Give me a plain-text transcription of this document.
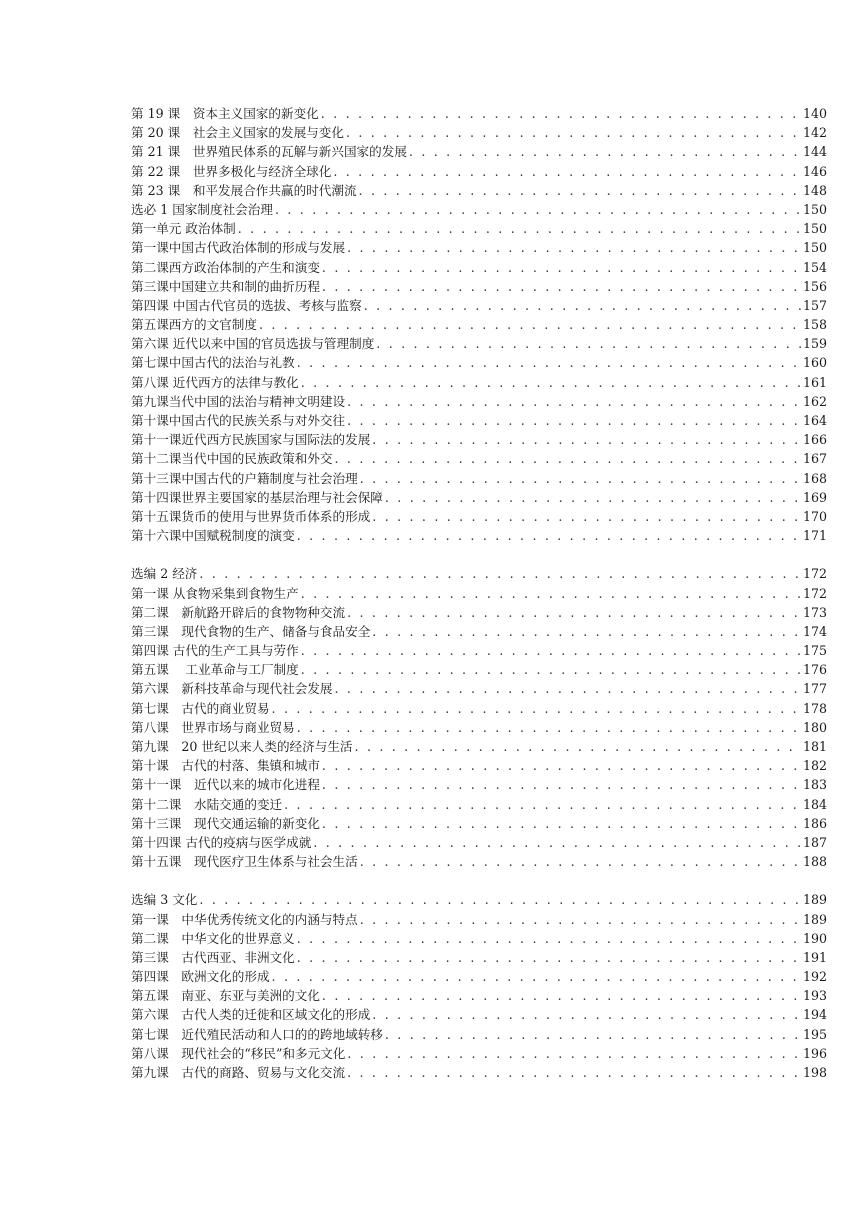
第 19 课　资本主义国家的新变化 . . .	140
第 20 课　社会主义国家的发展与变化 . . .	142
第 21 课　世界殖民体系的瓦解与新兴国家的发展 . . .	144
第 22 课　世界多极化与经济全球化 . . .	146
第 23 课　和平发展合作共赢的时代潮流 . . .	148
选必 1 国家制度社会治理 . . .	150
第一单元 政治体制 . . .	150
第一课中国古代政治体制的形成与发展 . . .	150
第二课西方政治体制的产生和演变 . . .	154
第三课中国建立共和制的曲折历程 . . .	156
第四课 中国古代官员的选拔、考核与监察 . . .	157
第五课西方的文官制度 . . .	158
第六课 近代以来中国的官员选拔与管理制度 . . .	159
第七课中国古代的法治与礼教 . . .	160
第八课 近代西方的法律与教化 . . .	161
第九课当代中国的法治与精神文明建设 . . .	162
第十课中国古代的民族关系与对外交往 . . .	164
第十一课近代西方民族国家与国际法的发展 . . .	166
第十二课当代中国的民族政策和外交 . . .	167
第十三课中国古代的户籍制度与社会治理 . . .	168
第十四课世界主要国家的基层治理与社会保障 . . .	169
第十五课货币的使用与世界货币体系的形成 . . .	170
第十六课中国赋税制度的演变 . . .	171
选编 2 经济 . . .	172
第一课 从食物采集到食物生产 . . .	172
第二课　新航路开辟后的食物物种交流 . . .	173
第三课　现代食物的生产、储备与食品安全 . . .	174
第四课 古代的生产工具与劳作 . . .	175
第五课　 工业革命与工厂制度 . . .	176
第六课　新科技革命与现代社会发展 . . .	177
第七课　古代的商业贸易 . . .	178
第八课　世界市场与商业贸易 . . .	180
第九课　20 世纪以来人类的经济与生活 . . .	181
第十课　古代的村落、集镇和城市 . . .	182
第十一课　近代以来的城市化进程 . . .	183
第十二课　水陆交通的变迁 . . .	184
第十三课　现代交通运输的新变化 . . .	186
第十四课 古代的疫病与医学成就 . . .	187
第十五课　现代医疗卫生体系与社会生活 . . .	188
选编 3 文化 . . .	189
第一课　中华优秀传统文化的内涵与特点 . . .	189
第二课　中华文化的世界意义 . . .	190
第三课　古代西亚、非洲文化 . . .	191
第四课　欧洲文化的形成 . . .	192
第五课　南亚、东亚与美洲的文化 . . .	193
第六课　古代人类的迁徙和区域文化的形成 . . .	194
第七课　近代殖民活动和人口的的跨地域转移 . . .	195
第八课　现代社会的“移民”和多元文化 . . .	196
第九课　古代的商路、贸易与文化交流 . . .	198
